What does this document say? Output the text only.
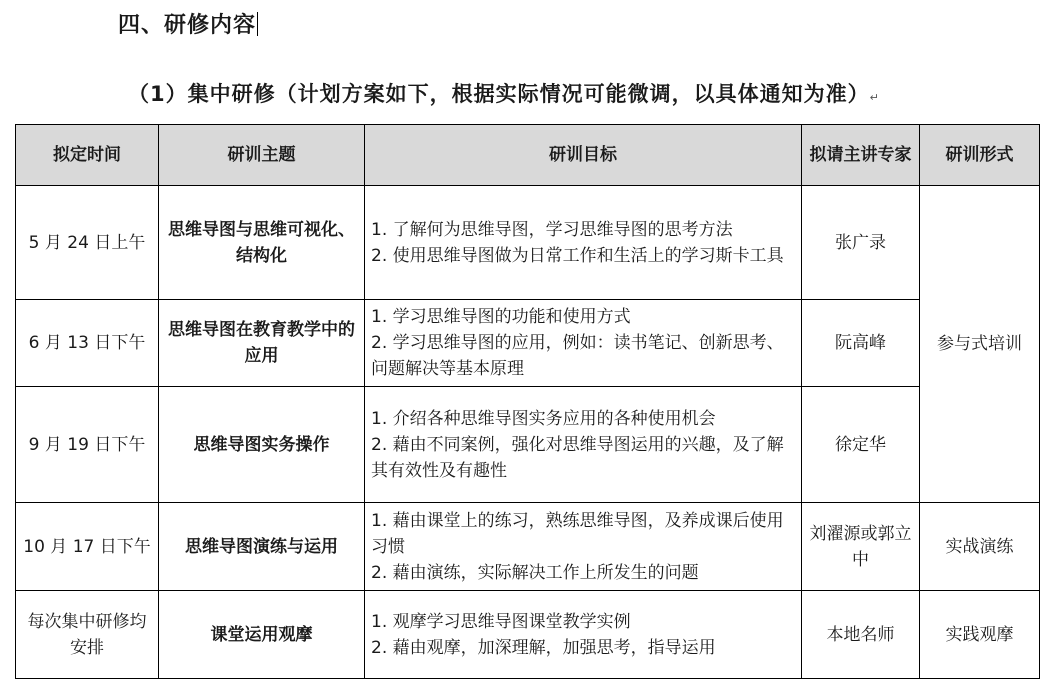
四、研修内容
（1）集中研修（计划方案如下，根据实际情况可能微调，以具体通知为准）↵
拟定时间	研训主题	研训目标	拟请主讲专家	研训形式
5 月 24 日上午	思维导图与思维可视化、结构化	1. 了解何为思维导图，学习思维导图的思考方法
2. 使用思维导图做为日常工作和生活上的学习斯卡工具	张广录	参与式培训
6 月 13 日下午	思维导图在教育教学中的应用	1. 学习思维导图的功能和使用方式
2. 学习思维导图的应用，例如：读书笔记、创新思考、问题解决等基本原理	阮高峰	
9 月 19 日下午	思维导图实务操作	1. 介绍各种思维导图实务应用的各种使用机会
2. 藉由不同案例，强化对思维导图运用的兴趣，及了解其有效性及有趣性	徐定华	
10 月 17 日下午	思维导图演练与运用	1. 藉由课堂上的练习，熟练思维导图，及养成课后使用习惯
2. 藉由演练，实际解决工作上所发生的问题	刘濯源或郭立中	实战演练
每次集中研修均安排	课堂运用观摩	1. 观摩学习思维导图课堂教学实例
2. 藉由观摩，加深理解，加强思考，指导运用	本地名师	实践观摩
